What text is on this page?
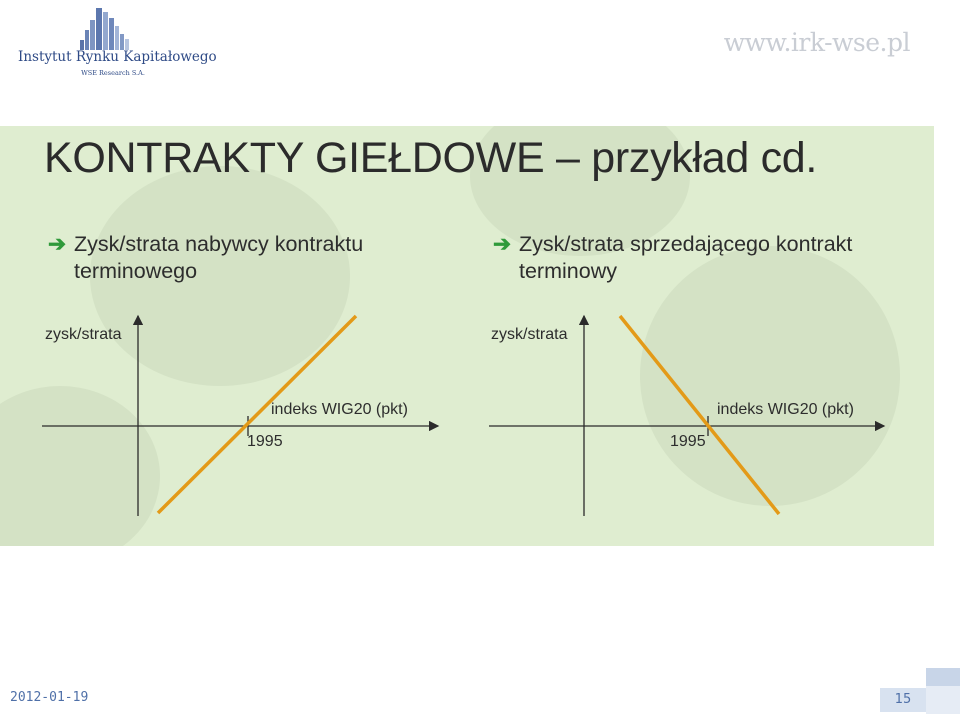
Instytut Rynku Kapitałowego
WSE Research S.A.
www.irk-wse.pl
KONTRAKTY GIEŁDOWE – przykład cd.
➔ Zysk/strata nabywcy kontraktu
terminowego
➔ Zysk/strata sprzedającego kontrakt
terminowy
zysk/strata
indeks WIG20 (pkt)
1995
zysk/strata
indeks WIG20 (pkt)
1995
2012-01-19	15
